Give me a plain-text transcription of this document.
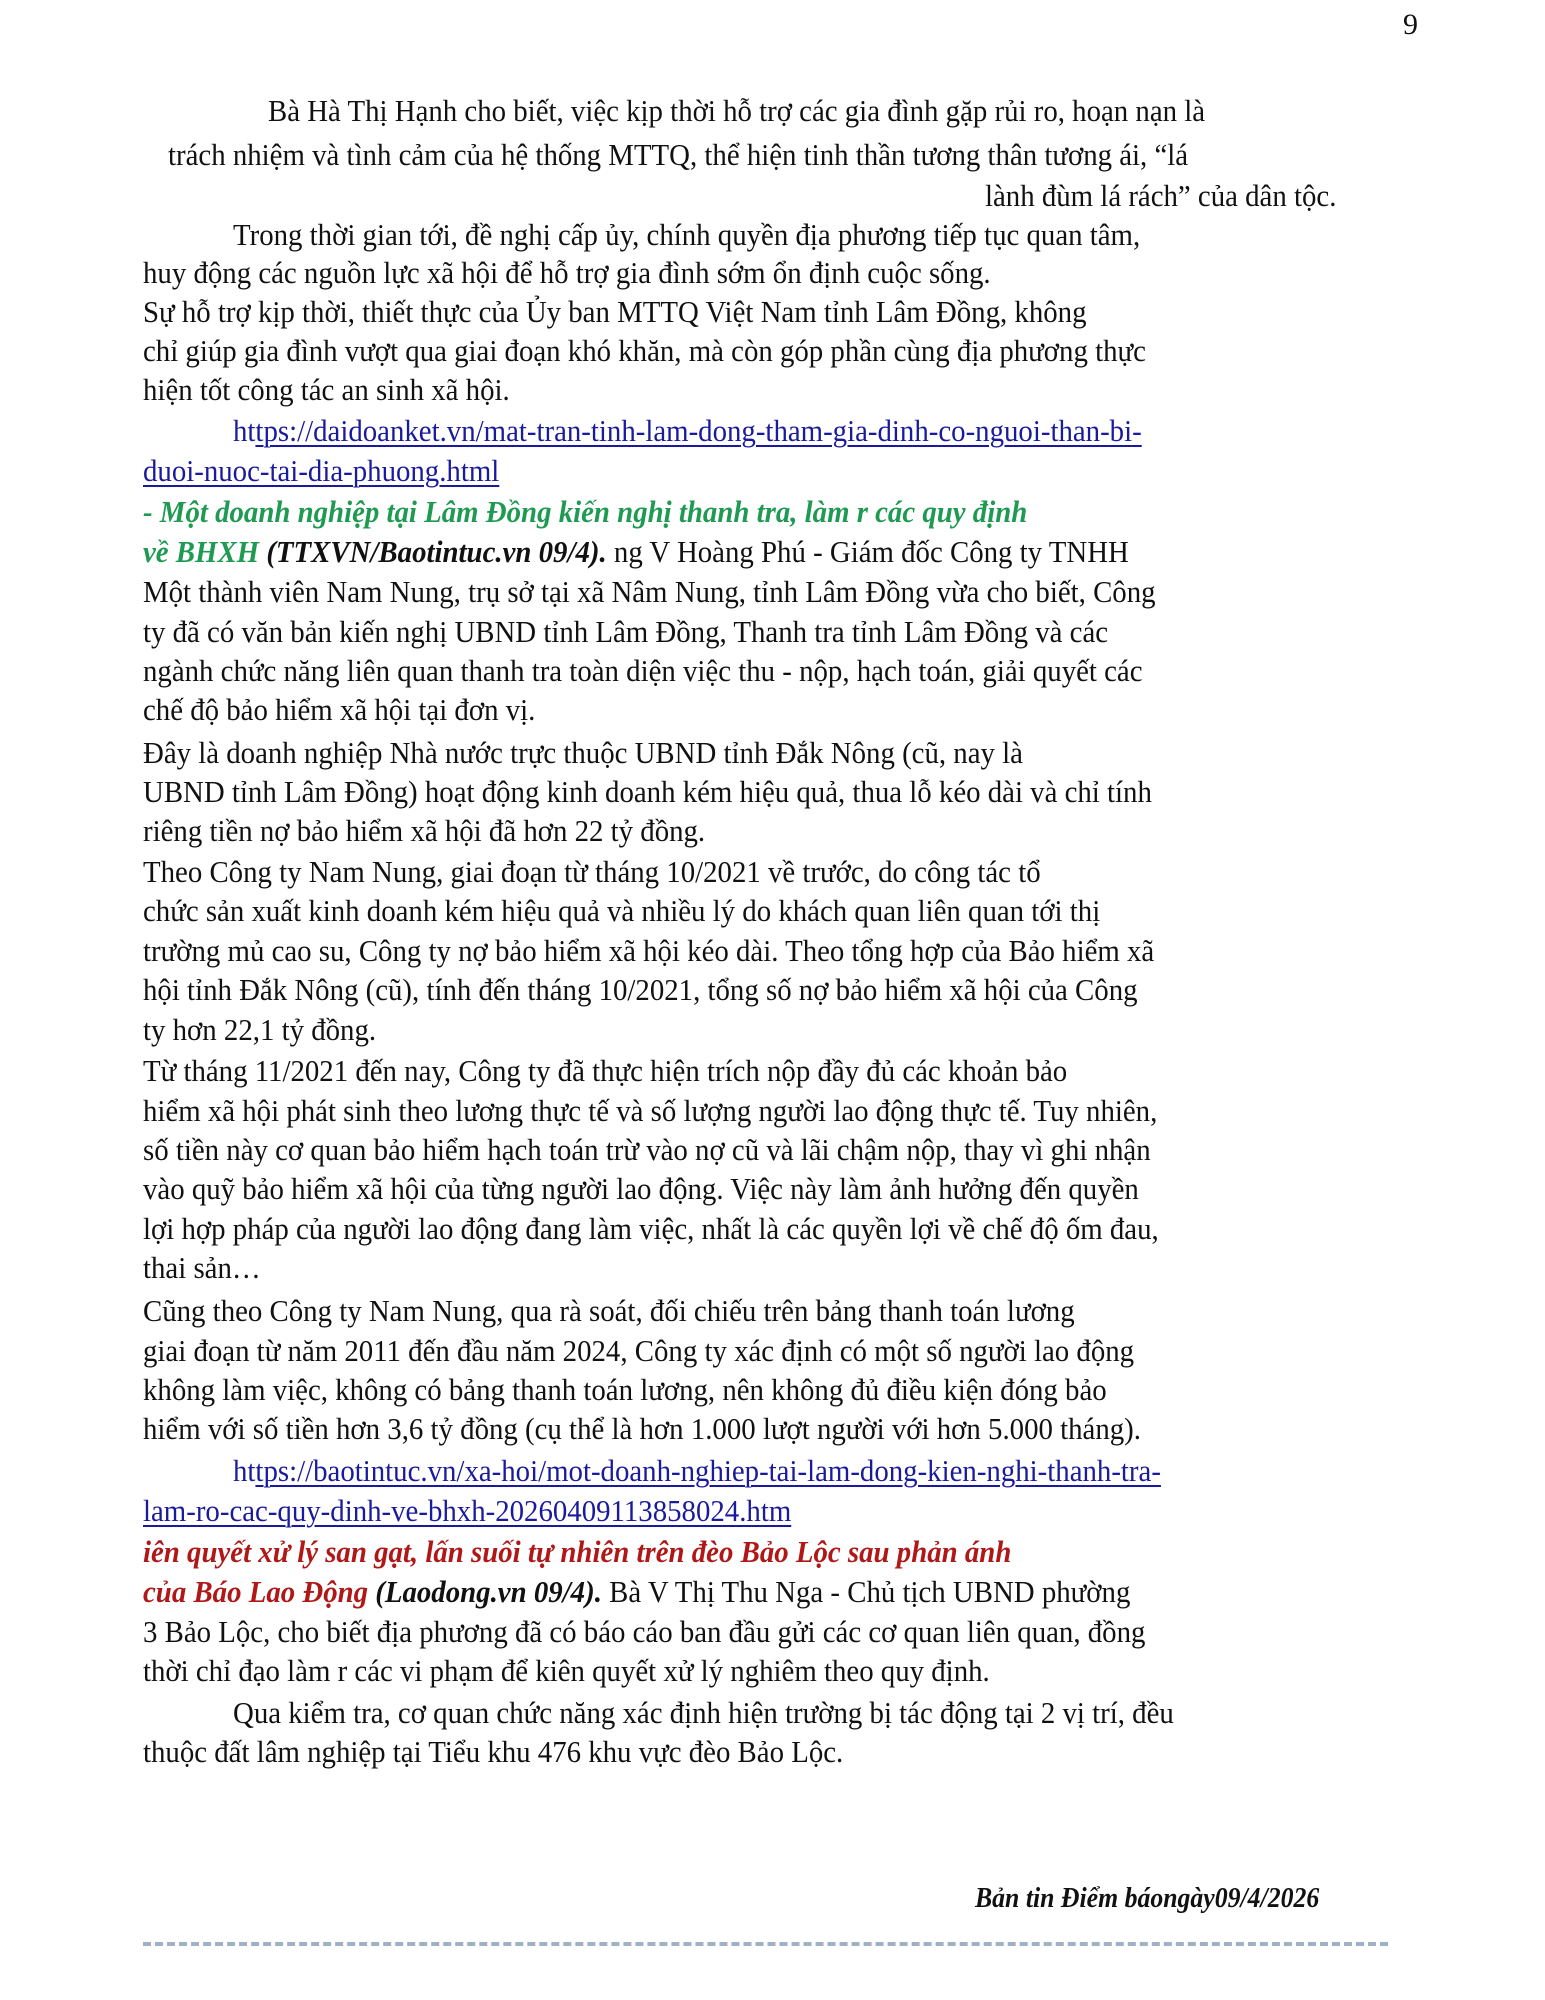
9
Bà Hà Thị Hạnh cho biết, việc kịp thời hỗ trợ các gia đình gặp rủi ro, hoạn nạn là
trách nhiệm và tình cảm của hệ thống MTTQ, thể hiện tinh thần tương thân tương ái, “lá
lành đùm lá rách” của dân tộc.
Trong thời gian tới, đề nghị cấp ủy, chính quyền địa phương tiếp tục quan tâm,
huy động các nguồn lực xã hội để hỗ trợ gia đình sớm ổn định cuộc sống.
Sự hỗ trợ kịp thời, thiết thực của Ủy ban MTTQ Việt Nam tỉnh Lâm Đồng, không
chỉ giúp gia đình vượt qua giai đoạn khó khăn, mà còn góp phần cùng địa phương thực
hiện tốt công tác an sinh xã hội.
https://daidoanket.vn/mat-tran-tinh-lam-dong-tham-gia-dinh-co-nguoi-than-bi-
duoi-nuoc-tai-dia-phuong.html
- Một doanh nghiệp tại Lâm Đồng kiến nghị thanh tra, làm r các quy định
về BHXH (TTXVN/Baotintuc.vn 09/4). ng V Hoàng Phú - Giám đốc Công ty TNHH
Một thành viên Nam Nung, trụ sở tại xã Nâm Nung, tỉnh Lâm Đồng vừa cho biết, Công
ty đã có văn bản kiến nghị UBND tỉnh Lâm Đồng, Thanh tra tỉnh Lâm Đồng và các
ngành chức năng liên quan thanh tra toàn diện việc thu - nộp, hạch toán, giải quyết các
chế độ bảo hiểm xã hội tại đơn vị.
Đây là doanh nghiệp Nhà nước trực thuộc UBND tỉnh Đắk Nông (cũ, nay là
UBND tỉnh Lâm Đồng) hoạt động kinh doanh kém hiệu quả, thua lỗ kéo dài và chỉ tính
riêng tiền nợ bảo hiểm xã hội đã hơn 22 tỷ đồng.
Theo Công ty Nam Nung, giai đoạn từ tháng 10/2021 về trước, do công tác tổ
chức sản xuất kinh doanh kém hiệu quả và nhiều lý do khách quan liên quan tới thị
trường mủ cao su, Công ty nợ bảo hiểm xã hội kéo dài. Theo tổng hợp của Bảo hiểm xã
hội tỉnh Đắk Nông (cũ), tính đến tháng 10/2021, tổng số nợ bảo hiểm xã hội của Công
ty hơn 22,1 tỷ đồng.
Từ tháng 11/2021 đến nay, Công ty đã thực hiện trích nộp đầy đủ các khoản bảo
hiểm xã hội phát sinh theo lương thực tế và số lượng người lao động thực tế. Tuy nhiên,
số tiền này cơ quan bảo hiểm hạch toán trừ vào nợ cũ và lãi chậm nộp, thay vì ghi nhận
vào quỹ bảo hiểm xã hội của từng người lao động. Việc này làm ảnh hưởng đến quyền
lợi hợp pháp của người lao động đang làm việc, nhất là các quyền lợi về chế độ ốm đau,
thai sản…
Cũng theo Công ty Nam Nung, qua rà soát, đối chiếu trên bảng thanh toán lương
giai đoạn từ năm 2011 đến đầu năm 2024, Công ty xác định có một số người lao động
không làm việc, không có bảng thanh toán lương, nên không đủ điều kiện đóng bảo
hiểm với số tiền hơn 3,6 tỷ đồng (cụ thể là hơn 1.000 lượt người với hơn 5.000 tháng).
https://baotintuc.vn/xa-hoi/mot-doanh-nghiep-tai-lam-dong-kien-nghi-thanh-tra-
lam-ro-cac-quy-dinh-ve-bhxh-20260409113858024.htm
iên quyết xử lý san gạt, lấn suối tự nhiên trên đèo Bảo Lộc sau phản ánh
của Báo Lao Động (Laodong.vn 09/4). Bà V Thị Thu Nga - Chủ tịch UBND phường
3 Bảo Lộc, cho biết địa phương đã có báo cáo ban đầu gửi các cơ quan liên quan, đồng
thời chỉ đạo làm r các vi phạm để kiên quyết xử lý nghiêm theo quy định.
Qua kiểm tra, cơ quan chức năng xác định hiện trường bị tác động tại 2 vị trí, đều
thuộc đất lâm nghiệp tại Tiểu khu 476 khu vực đèo Bảo Lộc.
Bản tin Điểm báongày09/4/2026
